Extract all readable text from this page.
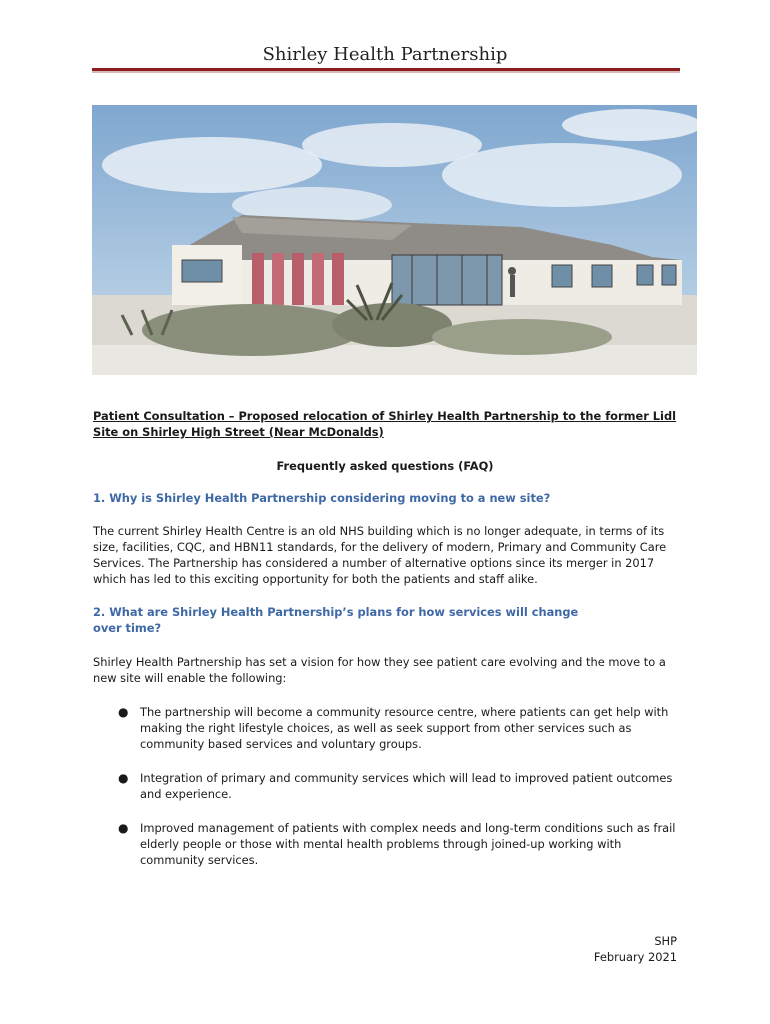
Shirley Health Partnership
Patient Consultation – Proposed relocation of Shirley Health Partnership to the former Lidl Site on Shirley High Street (Near McDonalds)
Frequently asked questions (FAQ)
1. Why is Shirley Health Partnership considering moving to a new site?
The current Shirley Health Centre is an old NHS building which is no longer adequate, in terms of its size, facilities, CQC, and HBN11 standards, for the delivery of modern, Primary and Community Care Services. The Partnership has considered a number of alternative options since its merger in 2017 which has led to this exciting opportunity for both the patients and staff alike.
2. What are Shirley Health Partnership’s plans for how services will change over time?
Shirley Health Partnership has set a vision for how they see patient care evolving and the move to a new site will enable the following:
●	The partnership will become a community resource centre, where patients can get help with making the right lifestyle choices, as well as seek support from other services such as community based services and voluntary groups.
●	Integration of primary and community services which will lead to improved patient outcomes and experience.
●	Improved management of patients with complex needs and long-term conditions such as frail elderly people or those with mental health problems through joined-up working with community services.
SHP
February 2021
